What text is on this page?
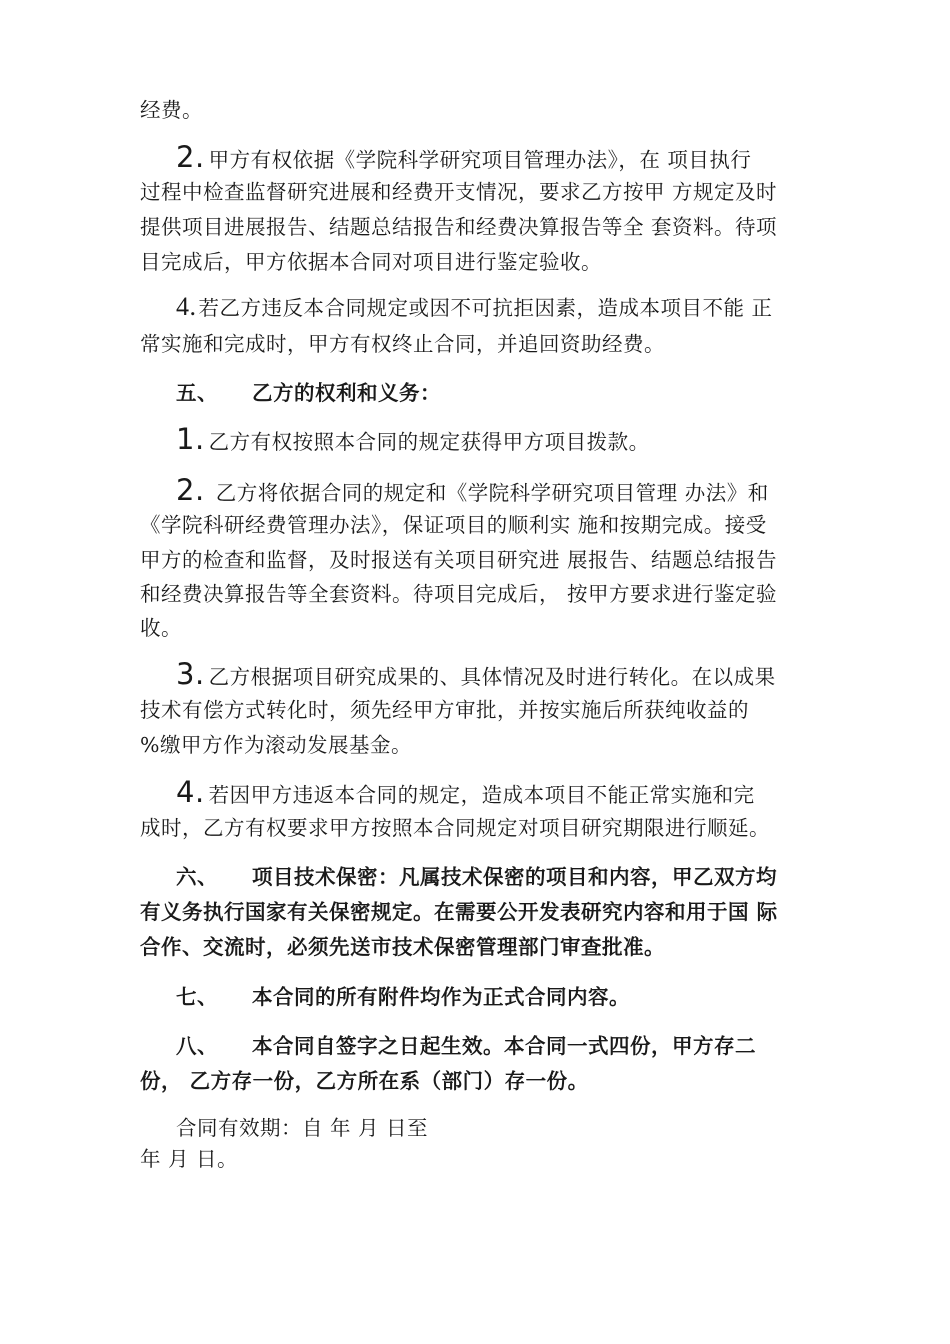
经费。
2. 甲方有权依据《学院科学研究项目管理办法》，在 项目执行
过程中检查监督研究进展和经费开支情况，要求乙方按甲 方规定及时
提供项目进展报告、结题总结报告和经费决算报告等全 套资料。待项
目完成后，甲方依据本合同对项目进行鉴定验收。
4.若乙方违反本合同规定或因不可抗拒因素，造成本项目不能 正
常实施和完成时，甲方有权终止合同，并追回资助经费。
五、 乙方的权利和义务：
1. 乙方有权按照本合同的规定获得甲方项目拨款。
2. 乙方将依据合同的规定和《学院科学研究项目管理 办法》和
《学院科研经费管理办法》，保证项目的顺利实 施和按期完成。接受
甲方的检查和监督，及时报送有关项目研究进 展报告、结题总结报告
和经费决算报告等全套资料。待项目完成后， 按甲方要求进行鉴定验
收。
3. 乙方根据项目研究成果的、具体情况及时进行转化。在以成果
技术有偿方式转化时，须先经甲方审批，并按实施后所获纯收益的
%缴甲方作为滚动发展基金。
4. 若因甲方违返本合同的规定，造成本项目不能正常实施和完
成时，乙方有权要求甲方按照本合同规定对项目研究期限进行顺延。
六、 项目技术保密：凡属技术保密的项目和内容，甲乙双方均
有义务执行国家有关保密规定。在需要公开发表研究内容和用于国 际
合作、交流时，必须先送市技术保密管理部门审查批准。
七、 本合同的所有附件均作为正式合同内容。
八、 本合同自签字之日起生效。本合同一式四份，甲方存二
份， 乙方存一份，乙方所在系（部门）存一份。
合同有效期：自 年 月 日至
年 月 日。
